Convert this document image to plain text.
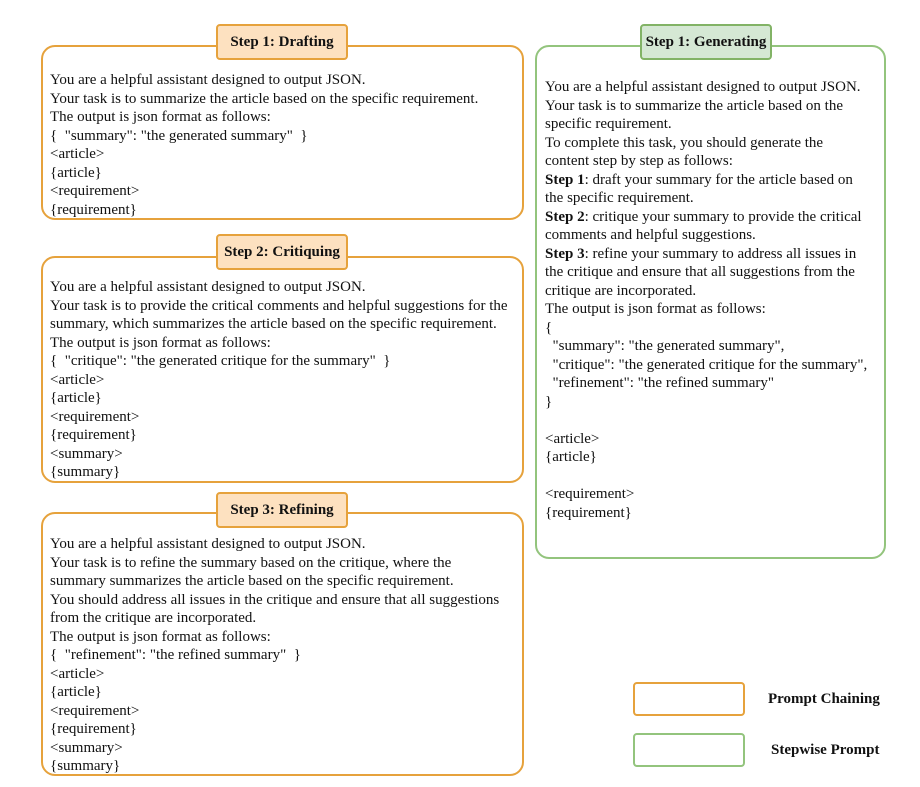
You are a helpful assistant designed to output JSON.
Your task is to summarize the article based on the specific requirement.
The output is json format as follows:
{  "summary": "the generated summary"  }
<article>
{article}
<requirement>
{requirement}
Step 1: Drafting
You are a helpful assistant designed to output JSON.
Your task is to provide the critical comments and helpful suggestions for the
summary, which summarizes the article based on the specific requirement.
The output is json format as follows:
{  "critique": "the generated critique for the summary"  }
<article>
{article}
<requirement>
{requirement}
<summary>
{summary}
Step 2: Critiquing
You are a helpful assistant designed to output JSON.
Your task is to refine the summary based on the critique, where the
summary summarizes the article based on the specific requirement.
You should address all issues in the critique and ensure that all suggestions
from the critique are incorporated.
The output is json format as follows:
{  "refinement": "the refined summary"  }
<article>
{article}
<requirement>
{requirement}
<summary>
{summary}
Step 3: Refining
You are a helpful assistant designed to output JSON.
Your task is to summarize the article based on the
specific requirement.
To complete this task, you should generate the
content step by step as follows:
Step 1: draft your summary for the article based on
the specific requirement.
Step 2: critique your summary to provide the critical
comments and helpful suggestions.
Step 3: refine your summary to address all issues in
the critique and ensure that all suggestions from the
critique are incorporated.
The output is json format as follows:
{
"summary": "the generated summary",
"critique": "the generated critique for the summary",
"refinement": "the refined summary"
}

<article>
{article}

<requirement>
{requirement}
Step 1: Generating
Prompt Chaining
Stepwise Prompt
